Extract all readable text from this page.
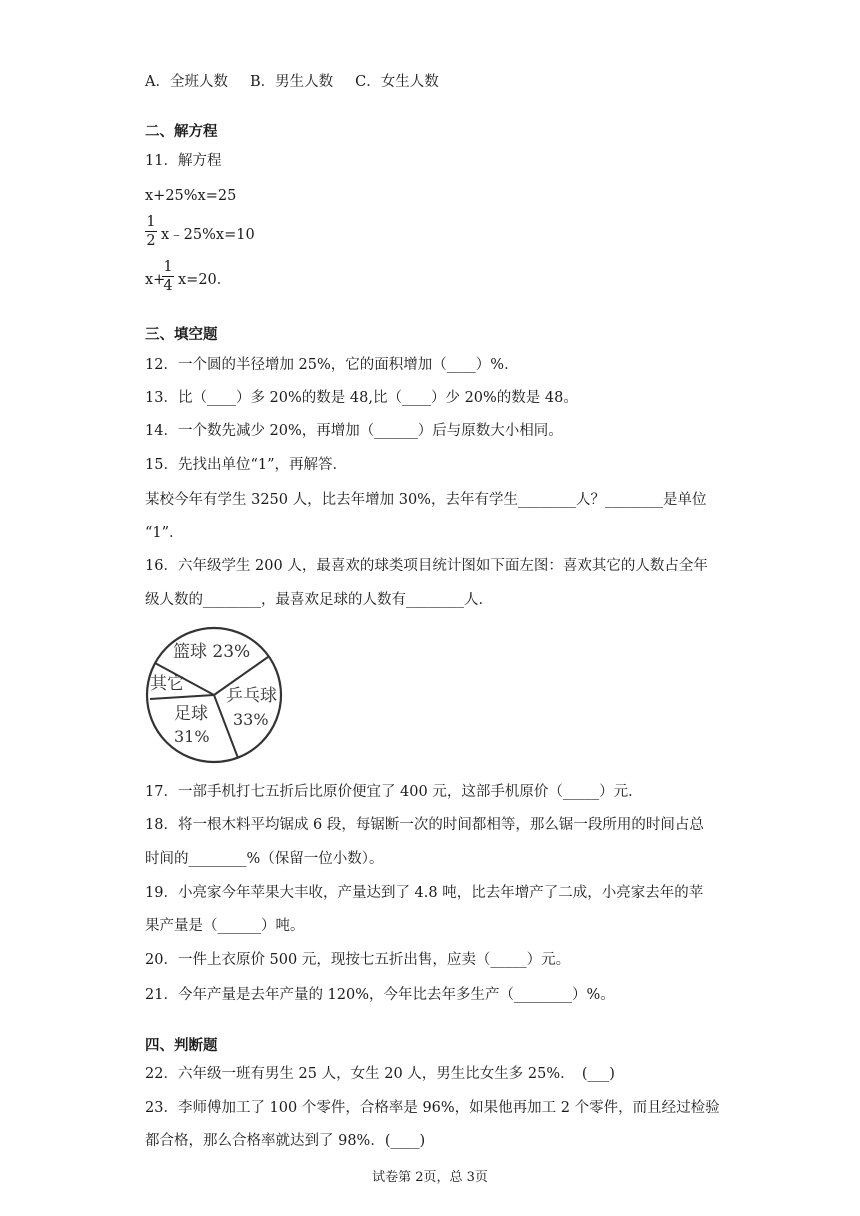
A．全班人数 B．男生人数 C．女生人数
二、解方程
11．解方程
x+25%x=25
1
2 x﹣25%x=10
x+
1
4 x=20．
三、填空题
12．一个圆的半径增加 25%，它的面积增加（____）%．
13．比（____）多 20%的数是 48,比（____）少 20%的数是 48。
14．一个数先减少 20%，再增加（______）后与原数大小相同。
15．先找出单位“1”，再解答．
某校今年有学生 3250 人，比去年增加 30%，去年有学生________人？________是单位
“1”．
16．六年级学生 200 人，最喜欢的球类项目统计图如下面左图：喜欢其它的人数占全年
级人数的________，最喜欢足球的人数有________人．
篮球 23%
其它
乒乓球
33%
足球
31%
17．一部手机打七五折后比原价便宜了 400 元，这部手机原价（_____）元．
18．将一根木料平均锯成 6 段，每锯断一次的时间都相等，那么锯一段所用的时间占总
时间的________%（保留一位小数）。
19．小亮家今年苹果大丰收，产量达到了 4.8 吨，比去年增产了二成，小亮家去年的苹
果产量是（______）吨。
20．一件上衣原价 500 元，现按七五折出售，应卖（_____）元。
21．今年产量是去年产量的 120%，今年比去年多生产（________）%。
四、判断题
22．六年级一班有男生 25 人，女生 20 人，男生比女生多 25%．　(___)
23．李师傅加工了 100 个零件，合格率是 96%，如果他再加工 2 个零件，而且经过检验
都合格，那么合格率就达到了 98%．(____)
试卷第 2页，总 3页
